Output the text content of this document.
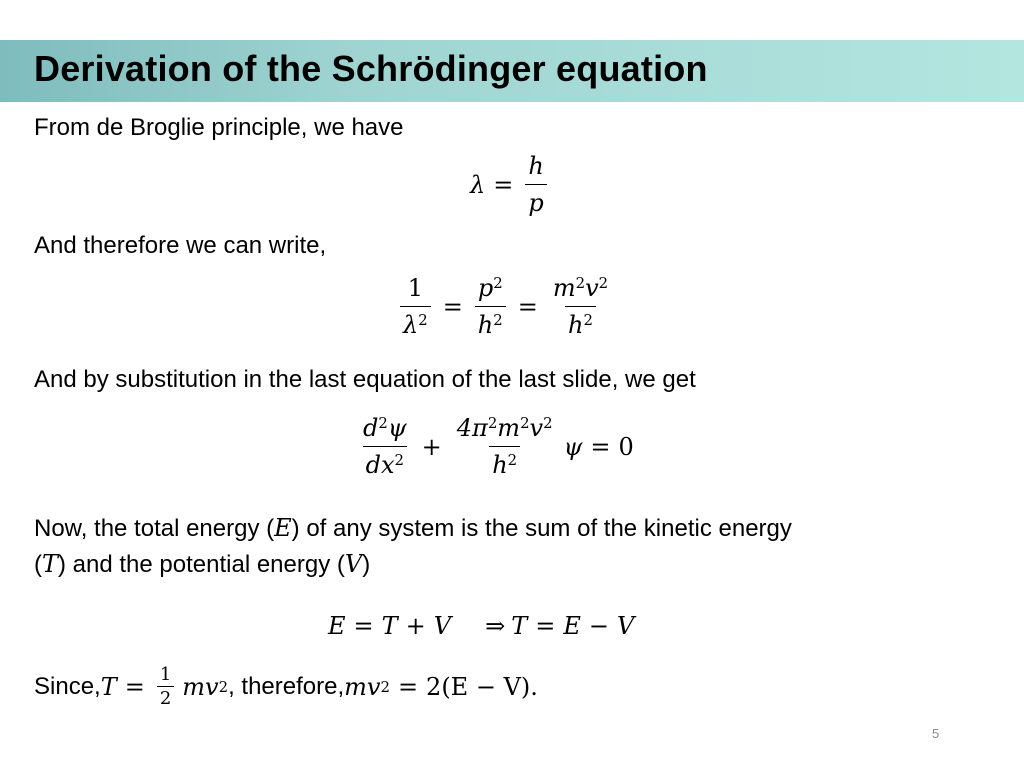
Derivation of the Schrödinger equation
From de Broglie principle, we have
$\lambda = \frac{h}{p}$
And therefore we can write,
$\frac{1}{\lambda^2} = \frac{p^2}{h^2} = \frac{m^2v^2}{h^2}$
And by substitution in the last equation of the last slide, we get
$\frac{d^2\psi}{dx^2} + \frac{4\pi^2m^2v^2}{h^2}$ ψ = 0
Now, the total energy (E) of any system is the sum of the kinetic energy
(T) and the potential energy (V)
E = T + V ⇒ T = E − V
Since, $T = \frac{1}{2}$ mv 2 , therefore, mv 2 = 2(E − V).
5
